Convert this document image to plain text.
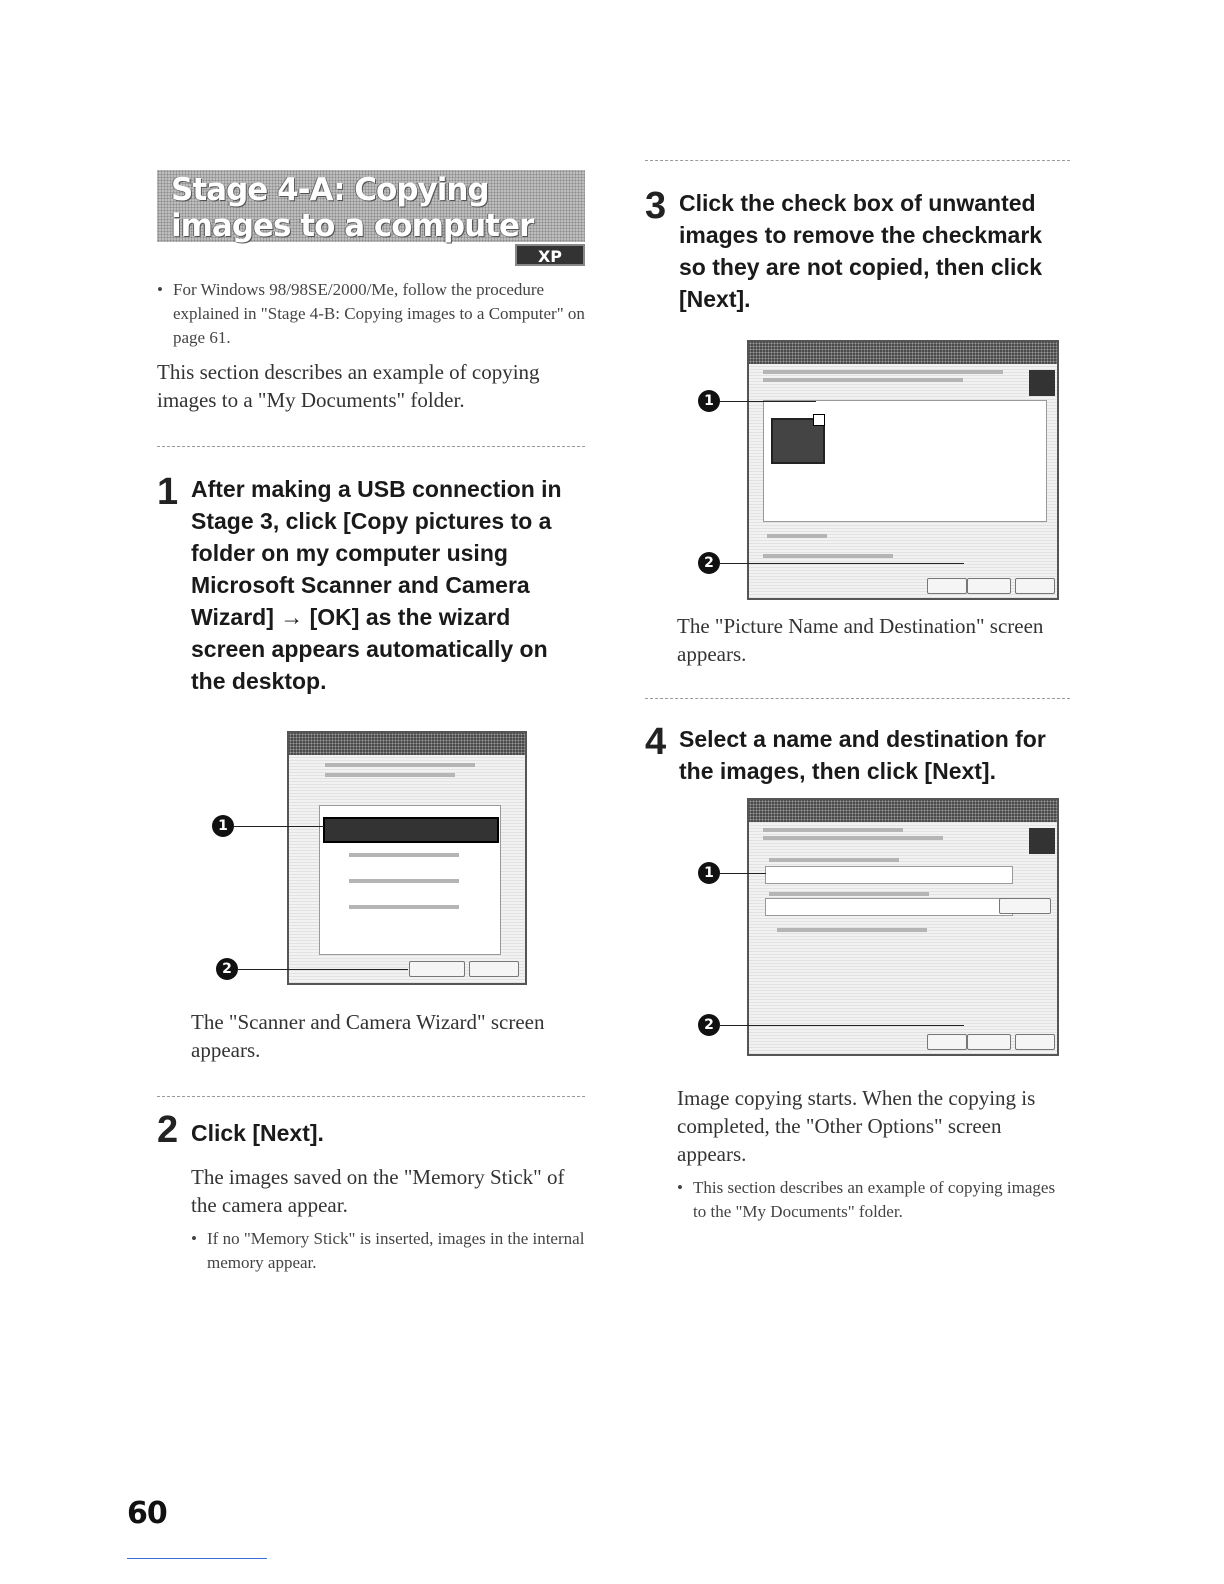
Stage 4-A: Copying images to a computer
XP
• For Windows 98/98SE/2000/Me, follow the procedure explained in "Stage 4-B: Copying images to a Computer" on page 61.
This section describes an example of copying images to a "My Documents" folder.
1 After making a USB connection in Stage 3, click [Copy pictures to a folder on my computer using Microsoft Scanner and Camera Wizard] → [OK] as the wizard screen appears automatically on the desktop.
1
2
The "Scanner and Camera Wizard" screen appears.
2 Click [Next].
The images saved on the "Memory Stick" of the camera appear.
• If no "Memory Stick" is inserted, images in the internal memory appear.
3 Click the check box of unwanted images to remove the checkmark so they are not copied, then click [Next].
1
2
The "Picture Name and Destination" screen appears.
4 Select a name and destination for the images, then click [Next].
1
2
Image copying starts. When the copying is completed, the "Other Options" screen appears.
• This section describes an example of copying images to the "My Documents" folder.
60
